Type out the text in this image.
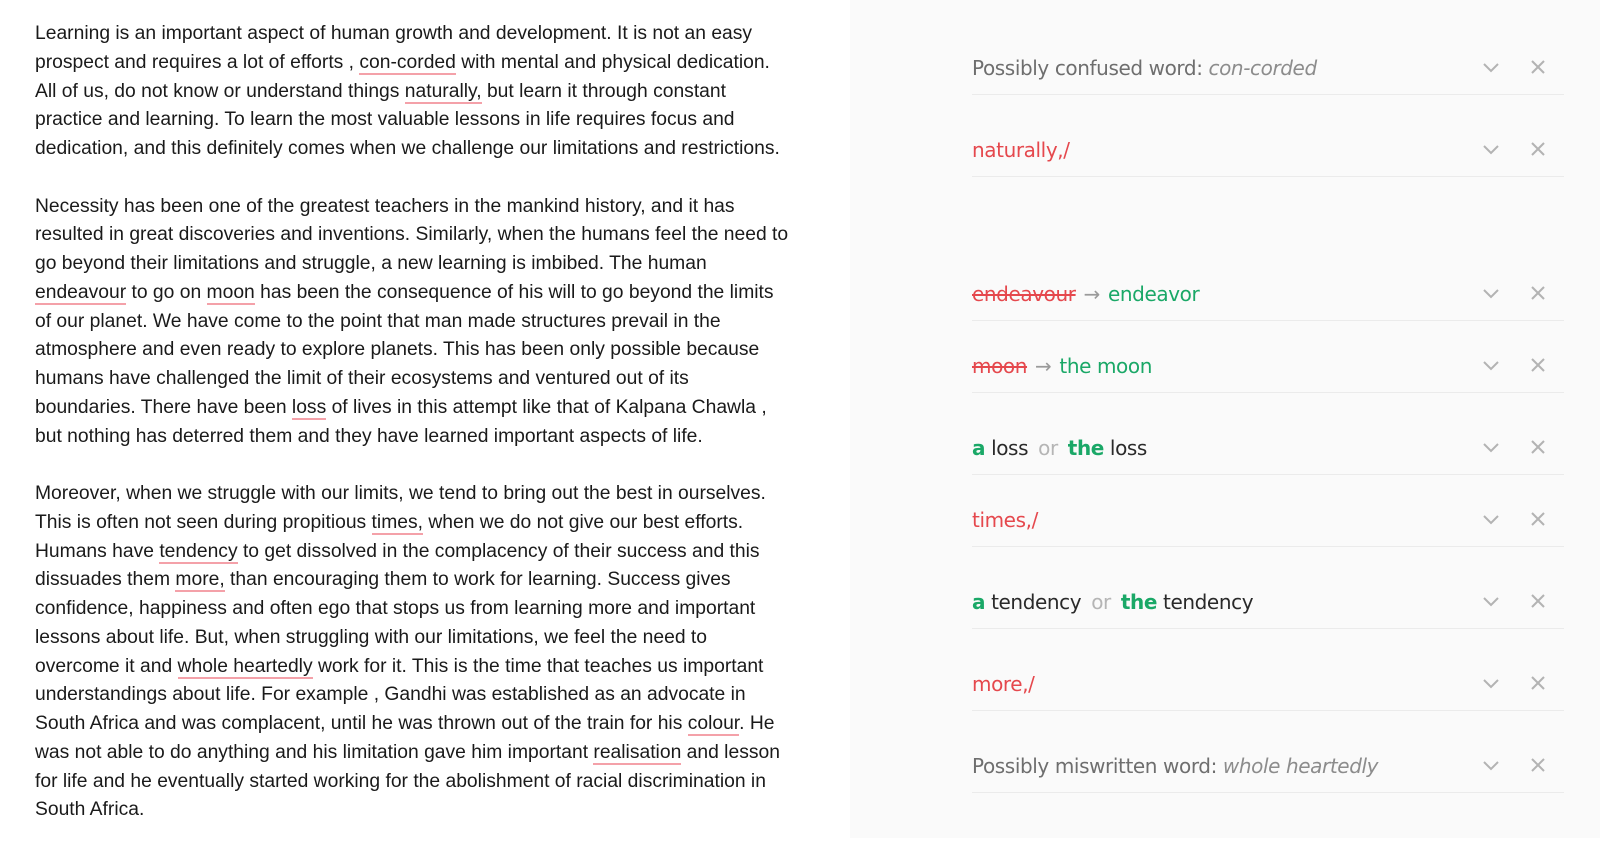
Learning is an important aspect of human growth and development. It is not an easy
prospect and requires a lot of efforts , con-corded with mental and physical dedication.
All of us, do not know or understand things naturally, but learn it through constant
practice and learning. To learn the most valuable lessons in life requires focus and
dedication, and this definitely comes when we challenge our limitations and restrictions.

Necessity has been one of the greatest teachers in the mankind history, and it has
resulted in great discoveries and inventions. Similarly, when the humans feel the need to
go beyond their limitations and struggle, a new learning is imbibed. The human
endeavour to go on moon has been the consequence of his will to go beyond the limits
of our planet. We have come to the point that man made structures prevail in the
atmosphere and even ready to explore planets. This has been only possible because
humans have challenged the limit of their ecosystems and ventured out of its
boundaries. There have been loss of lives in this attempt like that of Kalpana Chawla ,
but nothing has deterred them and they have learned important aspects of life.

Moreover, when we struggle with our limits, we tend to bring out the best in ourselves.
This is often not seen during propitious times, when we do not give our best efforts.
Humans have tendency to get dissolved in the complacency of their success and this
dissuades them more, than encouraging them to work for learning. Success gives
confidence, happiness and often ego that stops us from learning more and important
lessons about life. But, when struggling with our limitations, we feel the need to
overcome it and whole heartedly work for it. This is the time that teaches us important
understandings about life. For example , Gandhi was established as an advocate in
South Africa and was complacent, until he was thrown out of the train for his colour. He
was not able to do anything and his limitation gave him important realisation and lesson
for life and he eventually started working for the abolishment of racial discrimination in
South Africa.

Possibly confused word: con-corded
naturally,/
endeavour → endeavor
moon → the moon
a loss or the loss
times,/
a tendency or the tendency
more,/
Possibly miswritten word: whole heartedly
